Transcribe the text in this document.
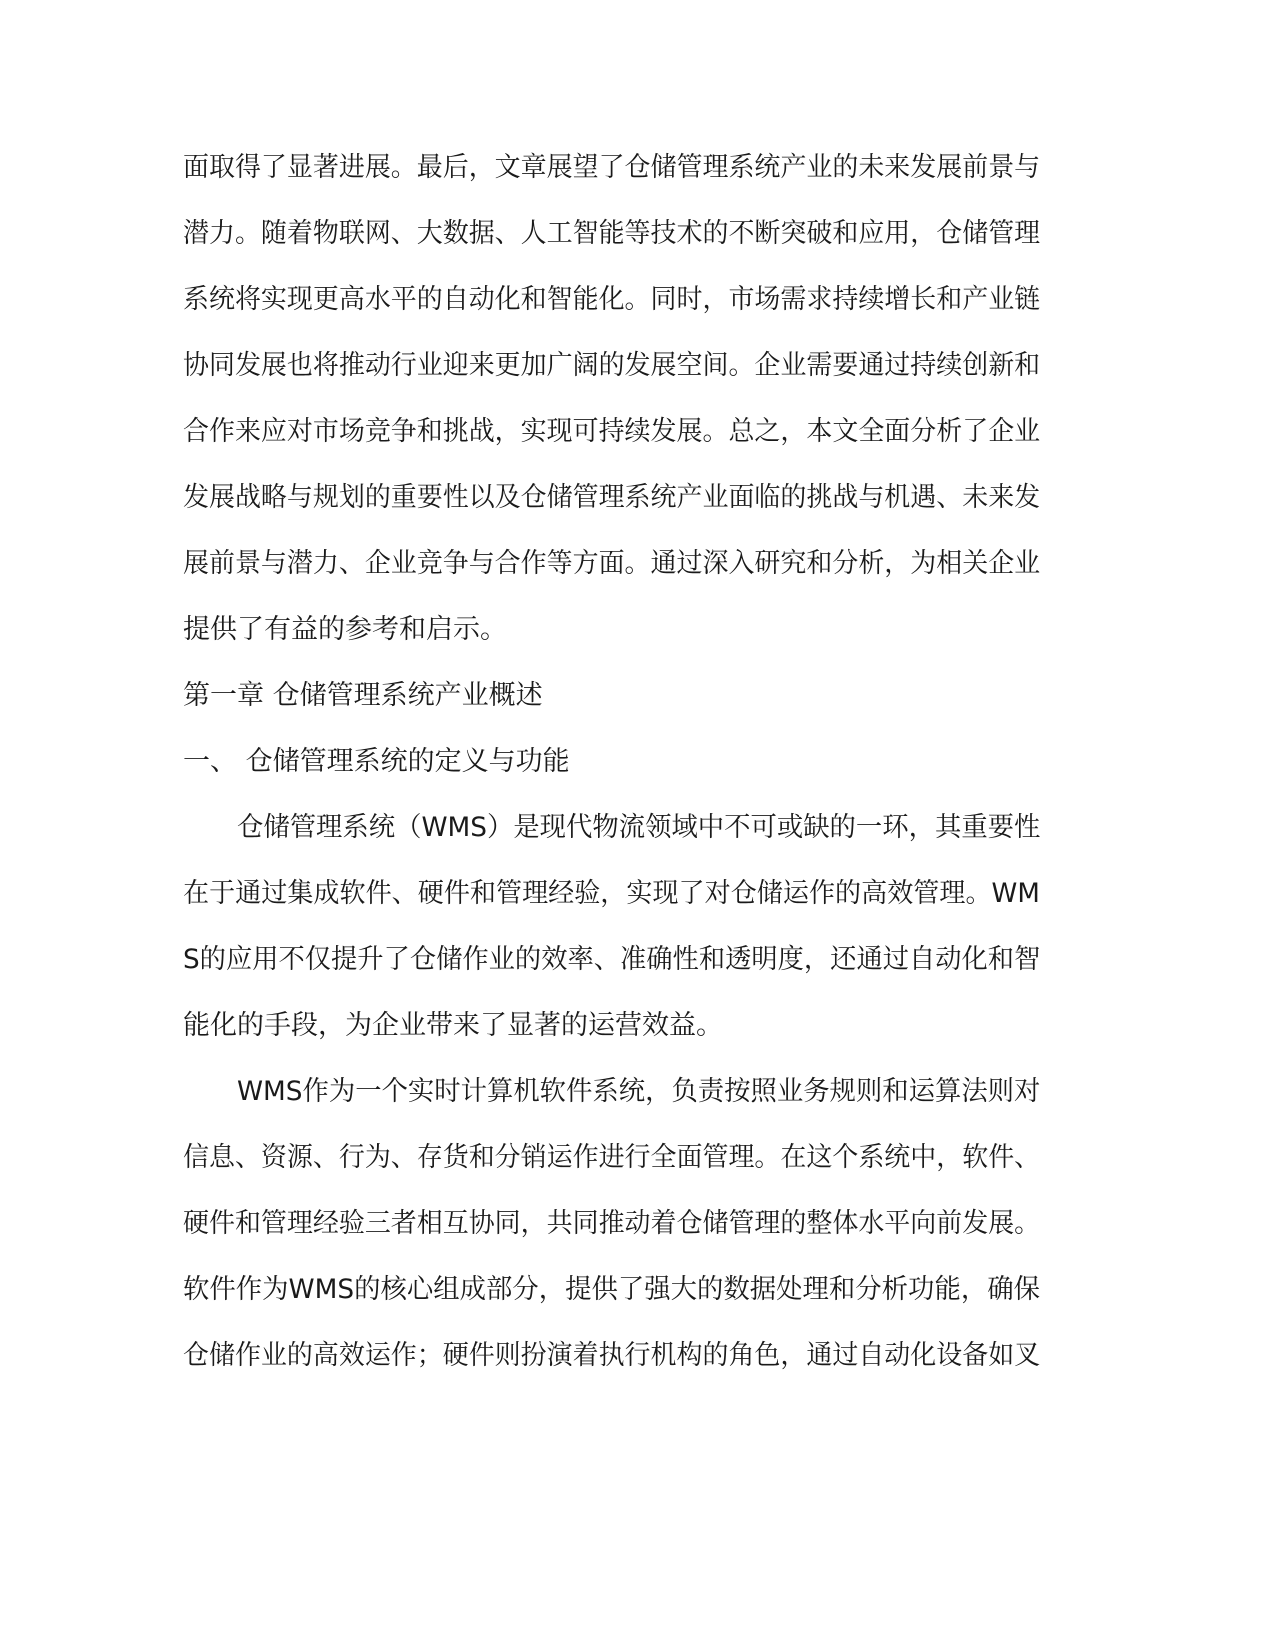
面取得了显著进展。最后，文章展望了仓储管理系统产业的未来发展前景与
潜力。随着物联网、大数据、人工智能等技术的不断突破和应用，仓储管理
系统将实现更高水平的自动化和智能化。同时，市场需求持续增长和产业链
协同发展也将推动行业迎来更加广阔的发展空间。企业需要通过持续创新和
合作来应对市场竞争和挑战，实现可持续发展。总之，本文全面分析了企业
发展战略与规划的重要性以及仓储管理系统产业面临的挑战与机遇、未来发
展前景与潜力、企业竞争与合作等方面。通过深入研究和分析，为相关企业
提供了有益的参考和启示。
第一章 仓储管理系统产业概述
一、 仓储管理系统的定义与功能
仓储管理系统（WMS）是现代物流领域中不可或缺的一环，其重要性
在于通过集成软件、硬件和管理经验，实现了对仓储运作的高效管理。WM
S的应用不仅提升了仓储作业的效率、准确性和透明度，还通过自动化和智
能化的手段，为企业带来了显著的运营效益。
WMS作为一个实时计算机软件系统，负责按照业务规则和运算法则对
信息、资源、行为、存货和分销运作进行全面管理。在这个系统中，软件、
硬件和管理经验三者相互协同，共同推动着仓储管理的整体水平向前发展。
软件作为WMS的核心组成部分，提供了强大的数据处理和分析功能，确保
仓储作业的高效运作；硬件则扮演着执行机构的角色，通过自动化设备如叉
